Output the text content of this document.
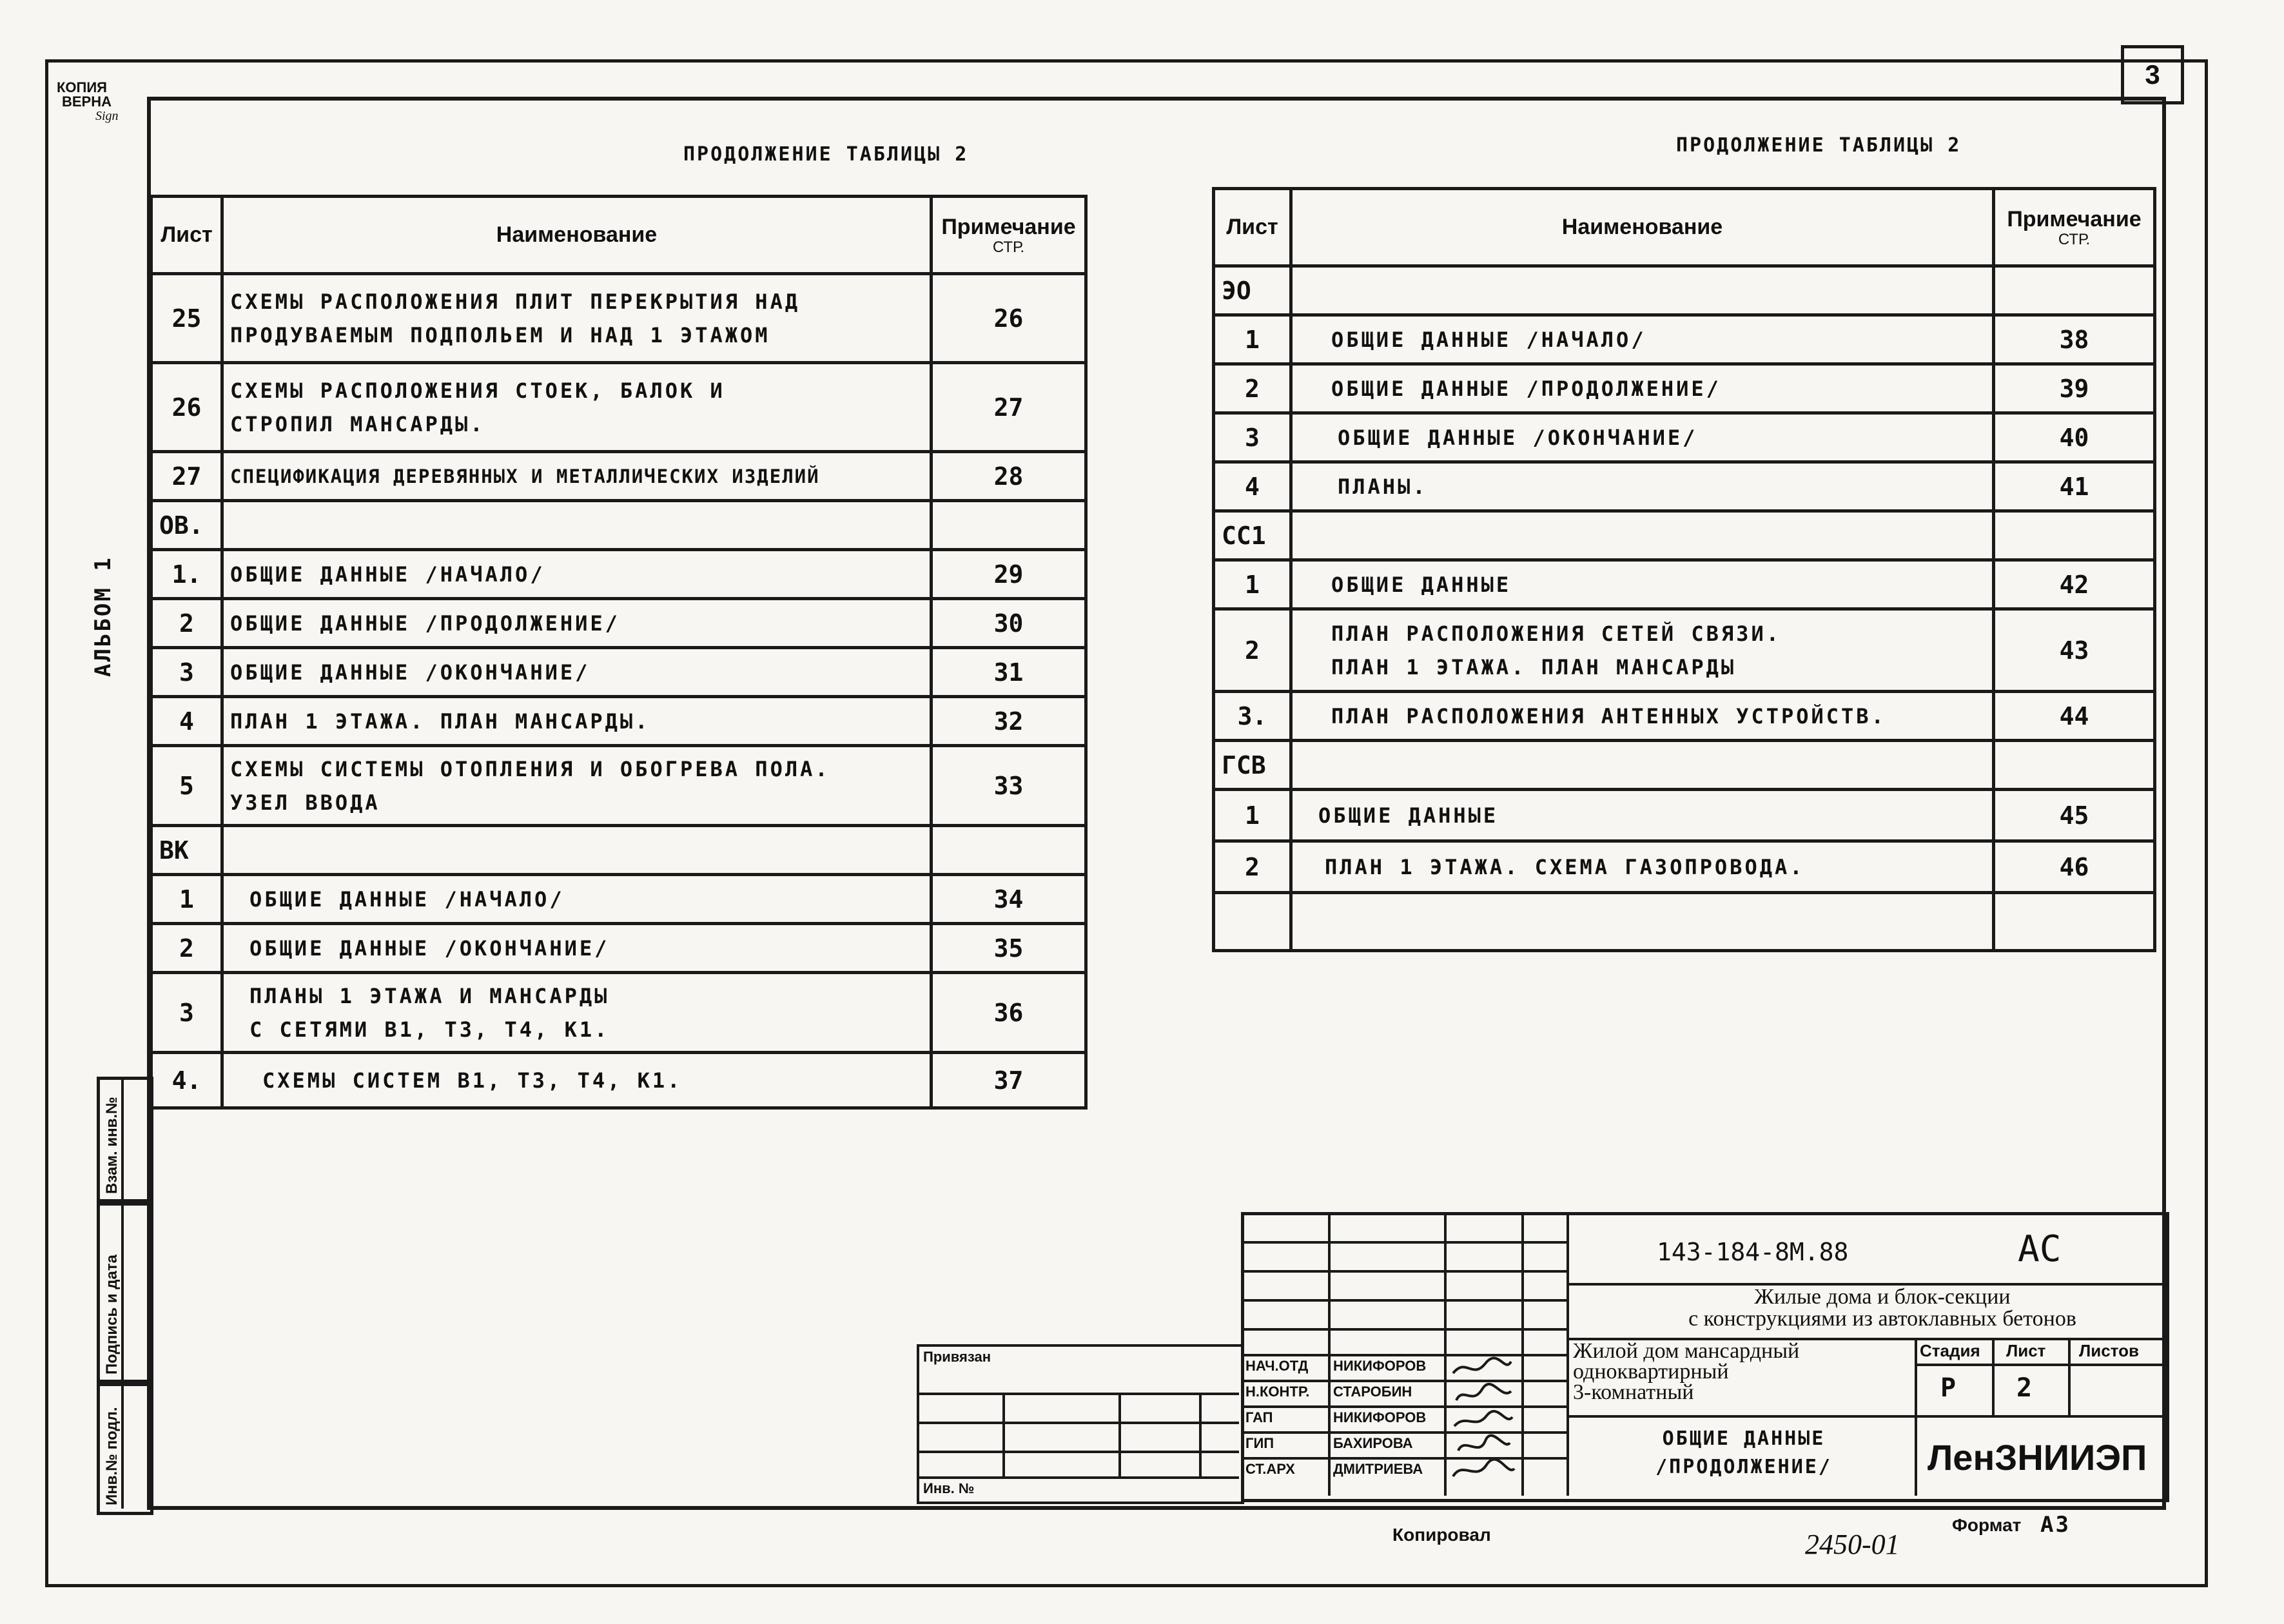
3
КОПИЯ
ВЕРНА
Sign
АЛЬБОМ 1
ПРОДОЛЖЕНИЕ ТАБЛИЦЫ 2
Лист	Наименование	Примечание
СТР.

25	СХЕМЫ РАСПОЛОЖЕНИЯ ПЛИТ ПЕРЕКРЫТИЯ НАД
ПРОДУВАЕМЫМ ПОДПОЛЬЕМ И НАД 1 ЭТАЖОМ	26
26	СХЕМЫ РАСПОЛОЖЕНИЯ СТОЕК, БАЛОК И
СТРОПИЛ МАНСАРДЫ.	27
27	СПЕЦИФИКАЦИЯ ДЕРЕВЯННЫХ И МЕТАЛЛИЧЕСКИХ ИЗДЕЛИЙ	28
ОВ.		
1.	ОБЩИЕ ДАННЫЕ /НАЧАЛО/	29
2	ОБЩИЕ ДАННЫЕ /ПРОДОЛЖЕНИЕ/	30
3	ОБЩИЕ ДАННЫЕ /ОКОНЧАНИЕ/	31
4	ПЛАН 1 ЭТАЖА. ПЛАН МАНСАРДЫ.	32
5	СХЕМЫ СИСТЕМЫ ОТОПЛЕНИЯ И ОБОГРЕВА ПОЛА.
УЗЕЛ ВВОДА	33
ВК		
1	ОБЩИЕ ДАННЫЕ /НАЧАЛО/	34
2	ОБЩИЕ ДАННЫЕ /ОКОНЧАНИЕ/	35
3	ПЛАНЫ 1 ЭТАЖА И МАНСАРДЫ
С СЕТЯМИ В1, Т3, Т4, К1.	36
4.	СХЕМЫ СИСТЕМ В1, Т3, Т4, К1.	37
ПРОДОЛЖЕНИЕ ТАБЛИЦЫ 2
Лист	Наименование	Примечание
СТР.

ЭО		
1	ОБЩИЕ ДАННЫЕ /НАЧАЛО/	38
2	ОБЩИЕ ДАННЫЕ /ПРОДОЛЖЕНИЕ/	39
3	ОБЩИЕ ДАННЫЕ /ОКОНЧАНИЕ/	40
4	ПЛАНЫ.	41
СС1		
1	ОБЩИЕ ДАННЫЕ	42
2	ПЛАН РАСПОЛОЖЕНИЯ СЕТЕЙ СВЯЗИ.
ПЛАН 1 ЭТАЖА. ПЛАН МАНСАРДЫ	43
3.	ПЛАН РАСПОЛОЖЕНИЯ АНТЕННЫХ УСТРОЙСТВ.	44
ГСВ		
1	ОБЩИЕ ДАННЫЕ	45
2	ПЛАН 1 ЭТАЖА. СХЕМА ГАЗОПРОВОДА.	46

Взам. инв.№
Подпись и дата
Инв.№ подл.
Привязан
Инв. №
НАЧ.ОТД НИКИФОРОВ
Н.КОНТР. СТАРОБИН
ГАП	НИКИФОРОВ
ГИП	БАХИРОВА
СТ.АРХ	ДМИТРИЕВА
143-184-8М.88	АС
Жилые дома и блок-секции
с конструкциями из автоклавных бетонов
Жилой дом мансардный
одноквартирный
3-комнатный
ОБЩИЕ ДАННЫЕ
/ПРОДОЛЖЕНИЕ/
Стадия Лист Листов
Р 2
ЛенЗНИИЭП
Копировал	Формат А3
2450-01
